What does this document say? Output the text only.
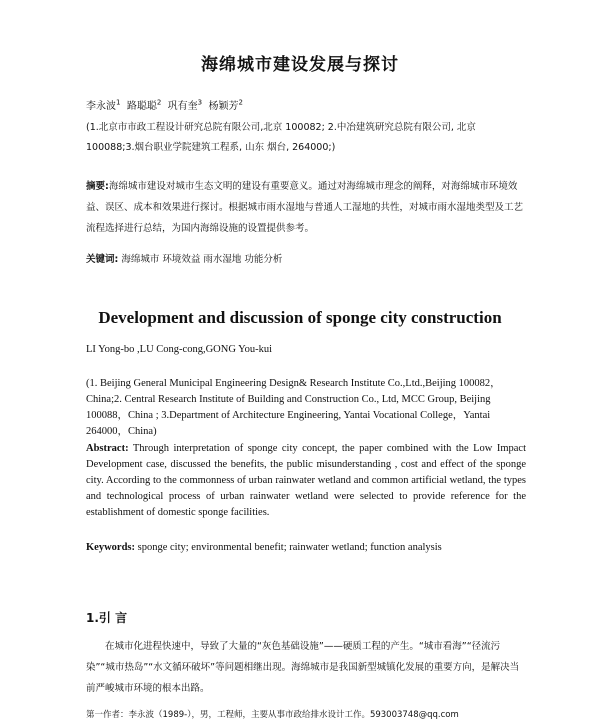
海绵城市建设发展与探讨
李永波$^1$ 路聪聪$^2$ 巩有奎$^3$ 杨颖芳$^2$
(1.北京市市政工程设计研究总院有限公司,北京 100082; 2.中冶建筑研究总院有限公司, 北京 100088;3.烟台职业学院建筑工程系, 山东 烟台, 264000;)
摘要:海绵城市建设对城市生态文明的建设有重要意义。通过对海绵城市理念的阐释，对海绵城市环境效益、误区、成本和效果进行探讨。根据城市雨水湿地与普通人工湿地的共性，对城市雨水湿地类型及工艺流程选择进行总结，为国内海绵设施的设置提供参考。
关键词: 海绵城市 环境效益 雨水湿地 功能分析
Development and discussion of sponge city construction
LI Yong-bo ,LU Cong-cong,GONG You-kui
(1. Beijing General Municipal Engineering Design& Research Institute Co.,Ltd.,Beijing 100082，China;2. Central Research Institute of Building and Construction Co., Ltd, MCC Group, Beijing 100088，China ; 3.Department of Architecture Engineering, Yantai Vocational College，Yantai 264000，China)
Abstract: Through interpretation of sponge city concept, the paper combined with the Low Impact Development case, discussed the benefits, the public misunderstanding , cost and effect of the sponge city. According to the commonness of urban rainwater wetland and common artificial wetland, the types and technological process of urban rainwater wetland were selected to provide reference for the establishment of domestic sponge facilities.
Keywords: sponge city; environmental benefit; rainwater wetland; function analysis
1.引 言
在城市化进程快速中，导致了大量的“灰色基础设施”——硬质工程的产生。“城市看海”“径流污染”“城市热岛”“水文循环破坏”等问题相继出现。海绵城市是我国新型城镇化发展的重要方向，是解决当前严峻城市环境的根本出路。
第一作者：李永波（1989-），男，工程师，主要从事市政给排水设计工作。593003748@qq.com
